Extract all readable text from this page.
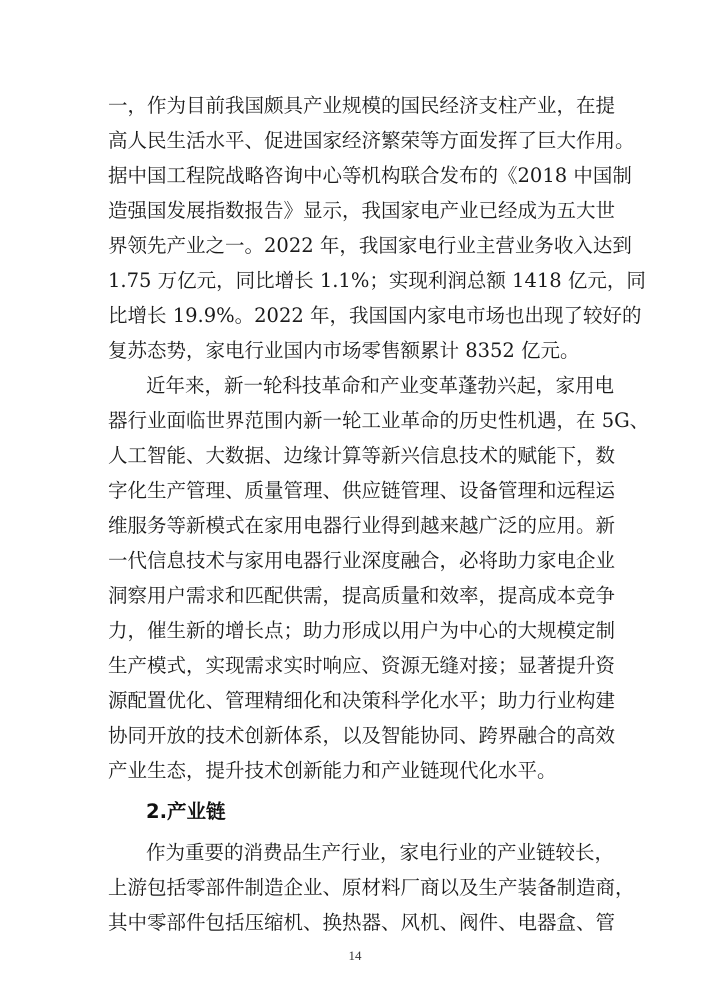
一，作为目前我国颇具产业规模的国民经济支柱产业，在提
高人民生活水平、促进国家经济繁荣等方面发挥了巨大作用。
据中国工程院战略咨询中心等机构联合发布的《2018 中国制
造强国发展指数报告》显示，我国家电产业已经成为五大世
界领先产业之一。2022 年，我国家电行业主营业务收入达到
1.75 万亿元，同比增长 1.1%；实现利润总额 1418 亿元，同
比增长 19.9%。2022 年，我国国内家电市场也出现了较好的
复苏态势，家电行业国内市场零售额累计 8352 亿元。
近年来，新一轮科技革命和产业变革蓬勃兴起，家用电
器行业面临世界范围内新一轮工业革命的历史性机遇，在 5G、
人工智能、大数据、边缘计算等新兴信息技术的赋能下，数
字化生产管理、质量管理、供应链管理、设备管理和远程运
维服务等新模式在家用电器行业得到越来越广泛的应用。新
一代信息技术与家用电器行业深度融合，必将助力家电企业
洞察用户需求和匹配供需，提高质量和效率，提高成本竞争
力，催生新的增长点；助力形成以用户为中心的大规模定制
生产模式，实现需求实时响应、资源无缝对接；显著提升资
源配置优化、管理精细化和决策科学化水平；助力行业构建
协同开放的技术创新体系，以及智能协同、跨界融合的高效
产业生态，提升技术创新能力和产业链现代化水平。
2.产业链
作为重要的消费品生产行业，家电行业的产业链较长，
上游包括零部件制造企业、原材料厂商以及生产装备制造商，
其中零部件包括压缩机、换热器、风机、阀件、电器盒、管
14
